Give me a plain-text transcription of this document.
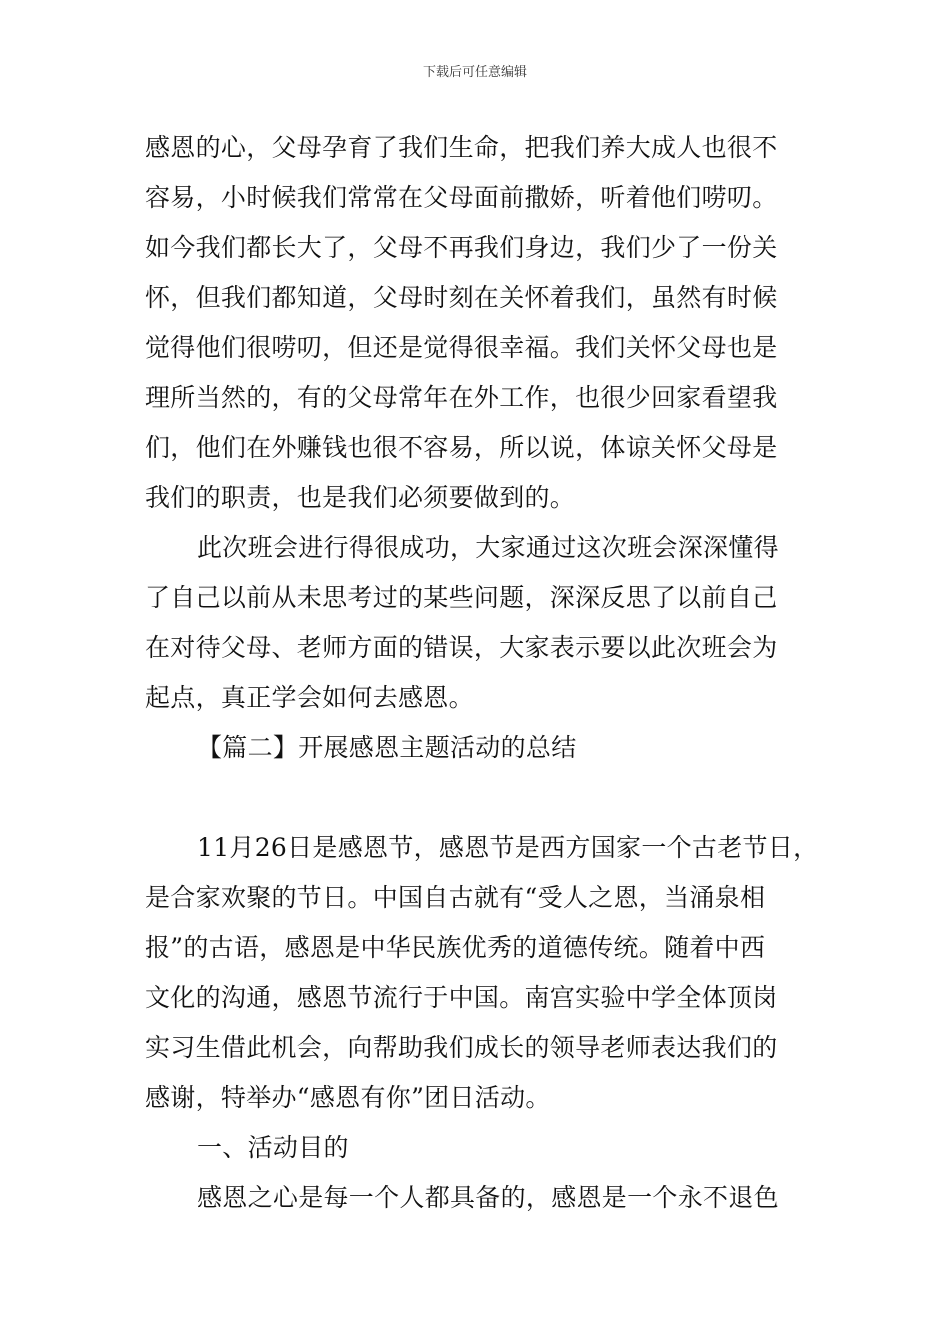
下载后可任意编辑
感恩的心，父母孕育了我们生命，把我们养大成人也很不
容易，小时候我们常常在父母面前撒娇，听着他们唠叨。
如今我们都长大了，父母不再我们身边，我们少了一份关
怀，但我们都知道，父母时刻在关怀着我们，虽然有时候
觉得他们很唠叨，但还是觉得很幸福。我们关怀父母也是
理所当然的，有的父母常年在外工作，也很少回家看望我
们，他们在外赚钱也很不容易，所以说，体谅关怀父母是
我们的职责，也是我们必须要做到的。
此次班会进行得很成功，大家通过这次班会深深懂得
了自己以前从未思考过的某些问题，深深反思了以前自己
在对待父母、老师方面的错误，大家表示要以此次班会为
起点，真正学会如何去感恩。
【篇二】开展感恩主题活动的总结
11月26日是感恩节，感恩节是西方国家一个古老节日，
是合家欢聚的节日。中国自古就有“受人之恩，当涌泉相
报”的古语，感恩是中华民族优秀的道德传统。随着中西
文化的沟通，感恩节流行于中国。南宫实验中学全体顶岗
实习生借此机会，向帮助我们成长的领导老师表达我们的
感谢，特举办“感恩有你”团日活动。
一、活动目的
感恩之心是每一个人都具备的，感恩是一个永不退色
